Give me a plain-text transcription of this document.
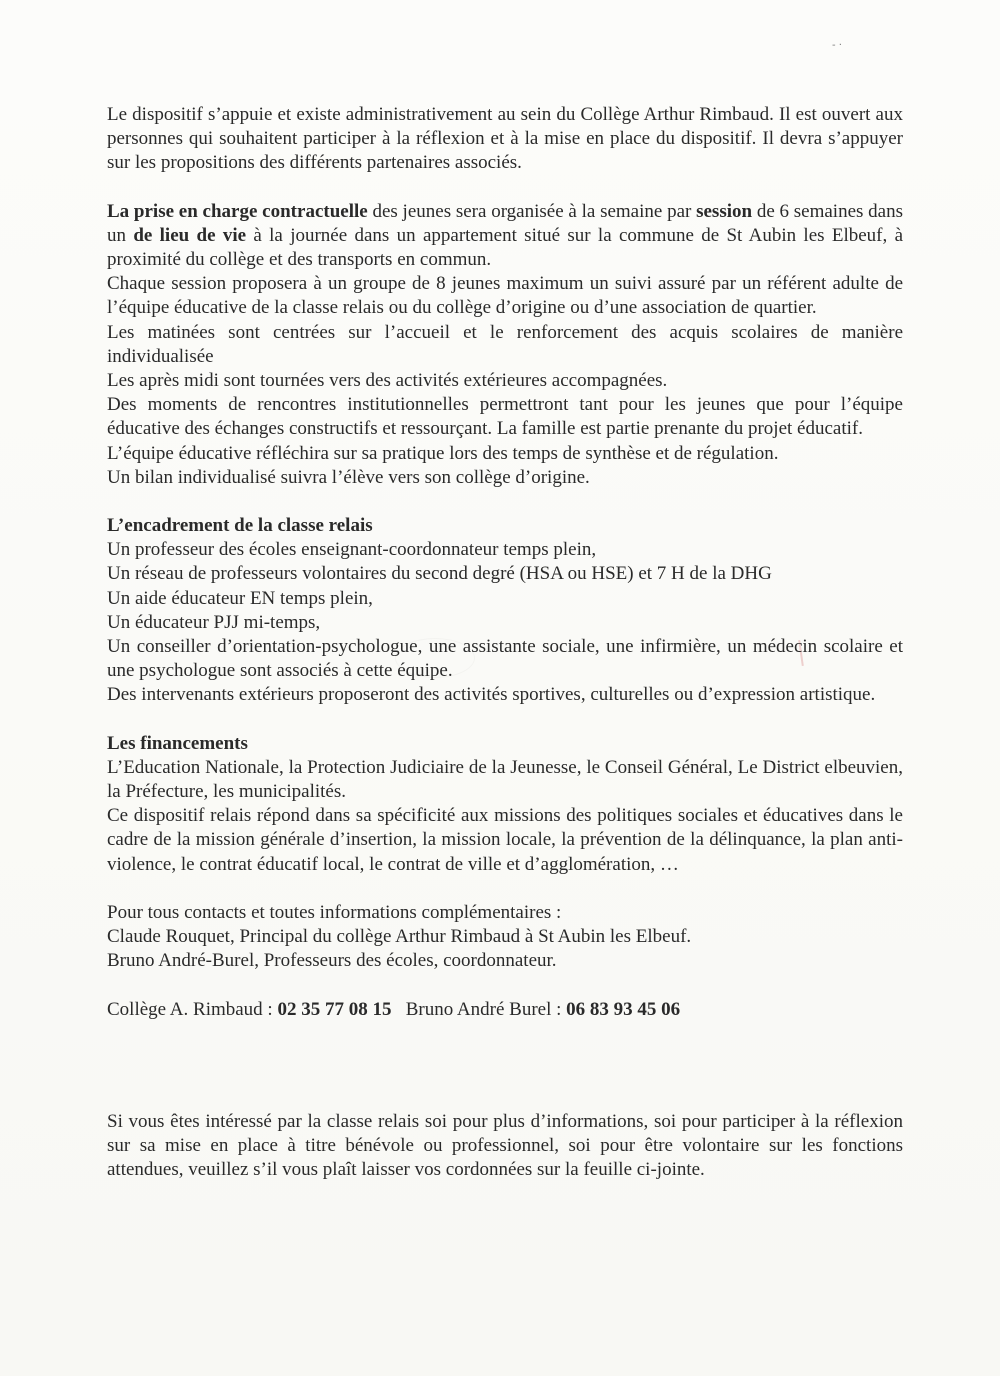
- ·

Le dispositif s’appuie et existe administrativement au sein du Collège Arthur Rimbaud. Il est ouvert aux personnes qui souhaitent participer à la réflexion et à la mise en place du dispositif. Il devra s’appuyer sur les propositions des différents partenaires associés.

La prise en charge contractuelle des jeunes sera organisée à la semaine par session de 6 semaines dans un de lieu de vie à la journée dans un appartement situé sur la commune de St Aubin les Elbeuf, à proximité du collège et des transports en commun.

Chaque session proposera à un groupe de 8 jeunes maximum un suivi assuré par un référent adulte de l’équipe éducative de la classe relais ou du collège d’origine ou d’une association de quartier.

Les matinées sont centrées sur l’accueil et le renforcement des acquis scolaires de manière individualisée

Les après midi sont tournées vers des activités extérieures accompagnées.

Des moments de rencontres institutionnelles permettront tant pour les jeunes que pour l’équipe éducative des échanges constructifs et ressourçant. La famille est partie prenante du projet éducatif.

L’équipe éducative réfléchira sur sa pratique lors des temps de synthèse et de régulation.

Un bilan individualisé suivra l’élève vers son collège d’origine.

L’encadrement de la classe relais

Un professeur des écoles enseignant-coordonnateur temps plein,

Un réseau de professeurs volontaires du second degré (HSA ou HSE) et 7 H de la DHG

Un aide éducateur EN temps plein,

Un éducateur PJJ mi-temps,

Un conseiller d’orientation-psychologue, une assistante sociale, une infirmière, un médecin scolaire et une psychologue sont associés à cette équipe.

Des intervenants extérieurs proposeront des activités sportives, culturelles ou d’expression artistique.

Les financements

L’Education Nationale, la Protection Judiciaire de la Jeunesse, le Conseil Général, Le District elbeuvien, la Préfecture, les municipalités.

Ce dispositif relais répond dans sa spécificité aux missions des politiques sociales et éducatives dans le cadre de la mission générale d’insertion, la mission locale, la prévention de la délinquance, la plan anti-violence, le contrat éducatif local, le contrat de ville et d’agglomération, …

Pour tous contacts et toutes informations complémentaires :

Claude Rouquet, Principal du collège Arthur Rimbaud à St Aubin les Elbeuf.

Bruno André-Burel, Professeurs des écoles, coordonnateur.

Collège A. Rimbaud : 02 35 77 08 15 Bruno André Burel : 06 83 93 45 06

Si vous êtes intéressé par la classe relais soi pour plus d’informations, soi pour participer à la réflexion sur sa mise en place à titre bénévole ou professionnel, soi pour être volontaire sur les fonctions attendues, veuillez s’il vous plaît laisser vos cordonnées sur la feuille ci-jointe.
